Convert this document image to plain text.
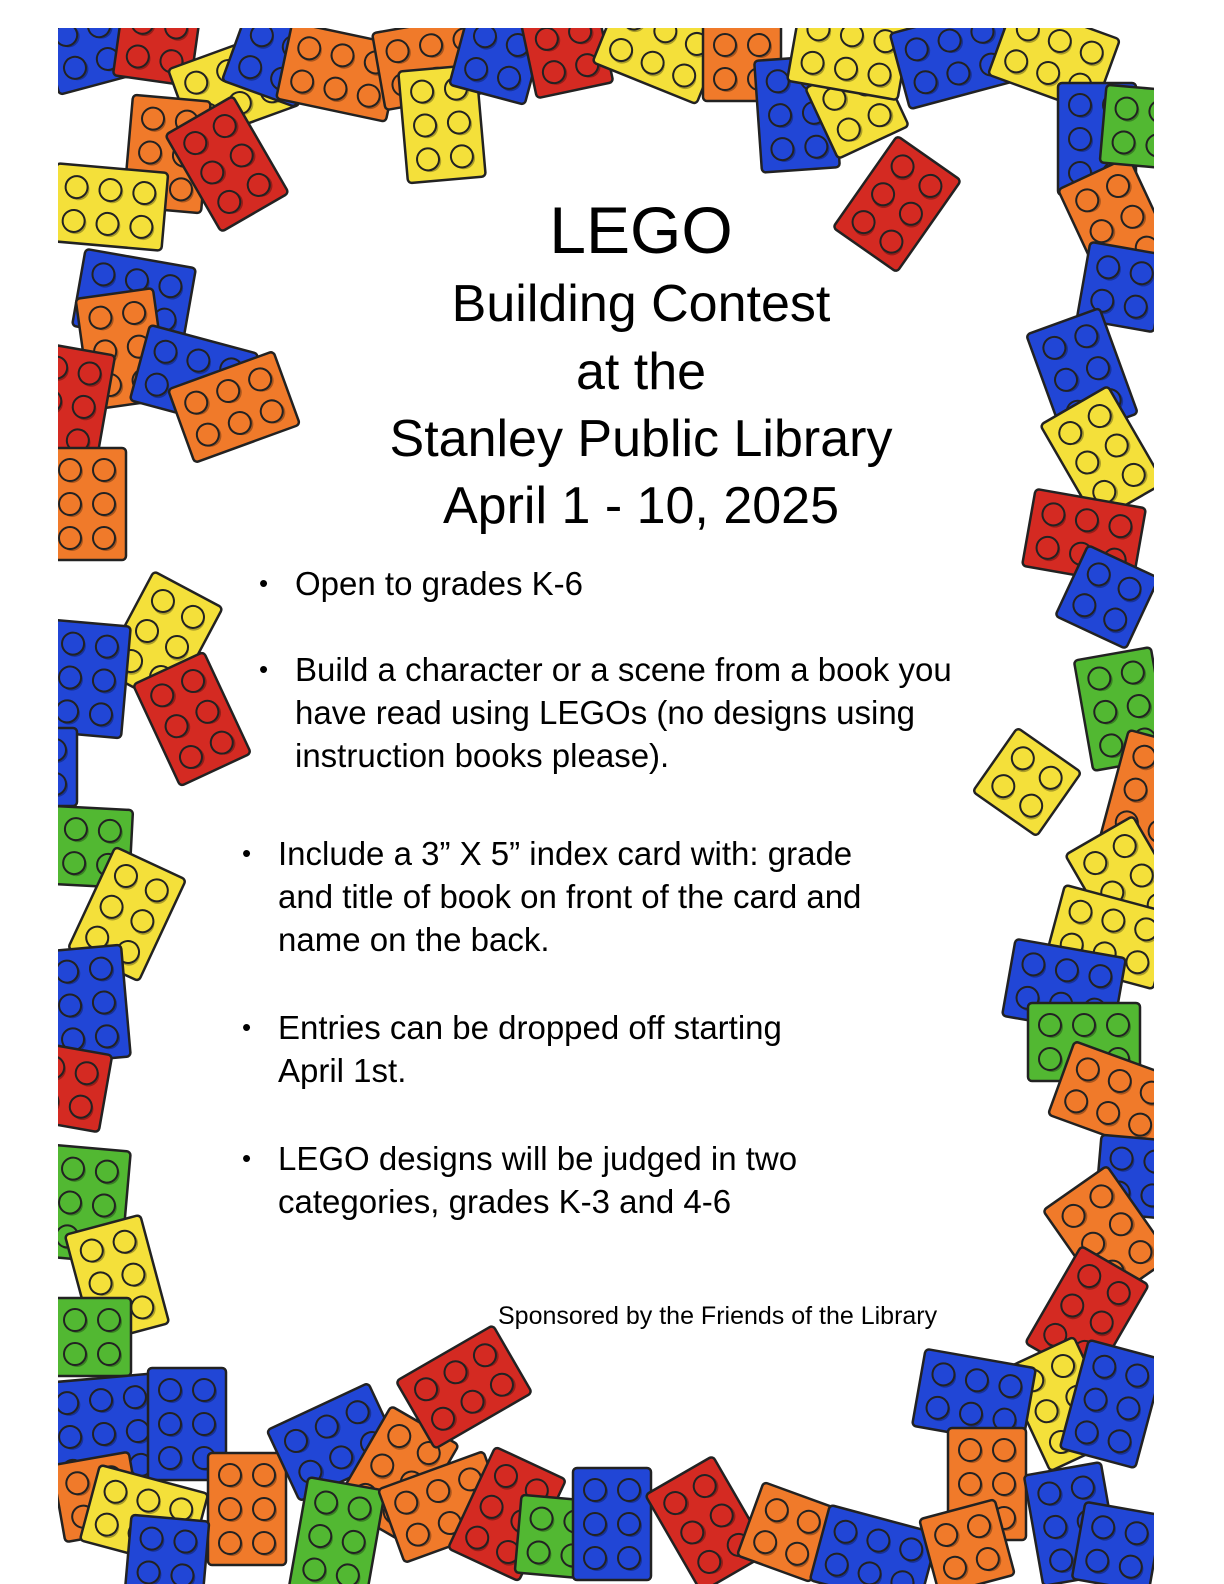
LEGO
Building Contest
at the
Stanley Public Library
April 1 - 10, 2025
• Open to grades K-6
• Build a character or a scene from a book you
have read using LEGOs (no designs using
instruction books please).
• Include a 3” X 5” index card with: grade
and title of book on front of the card and
name on the back.
• Entries can be dropped off starting
April 1st.
• LEGO designs will be judged in two
categories, grades K-3 and 4-6
Sponsored by the Friends of the Library
